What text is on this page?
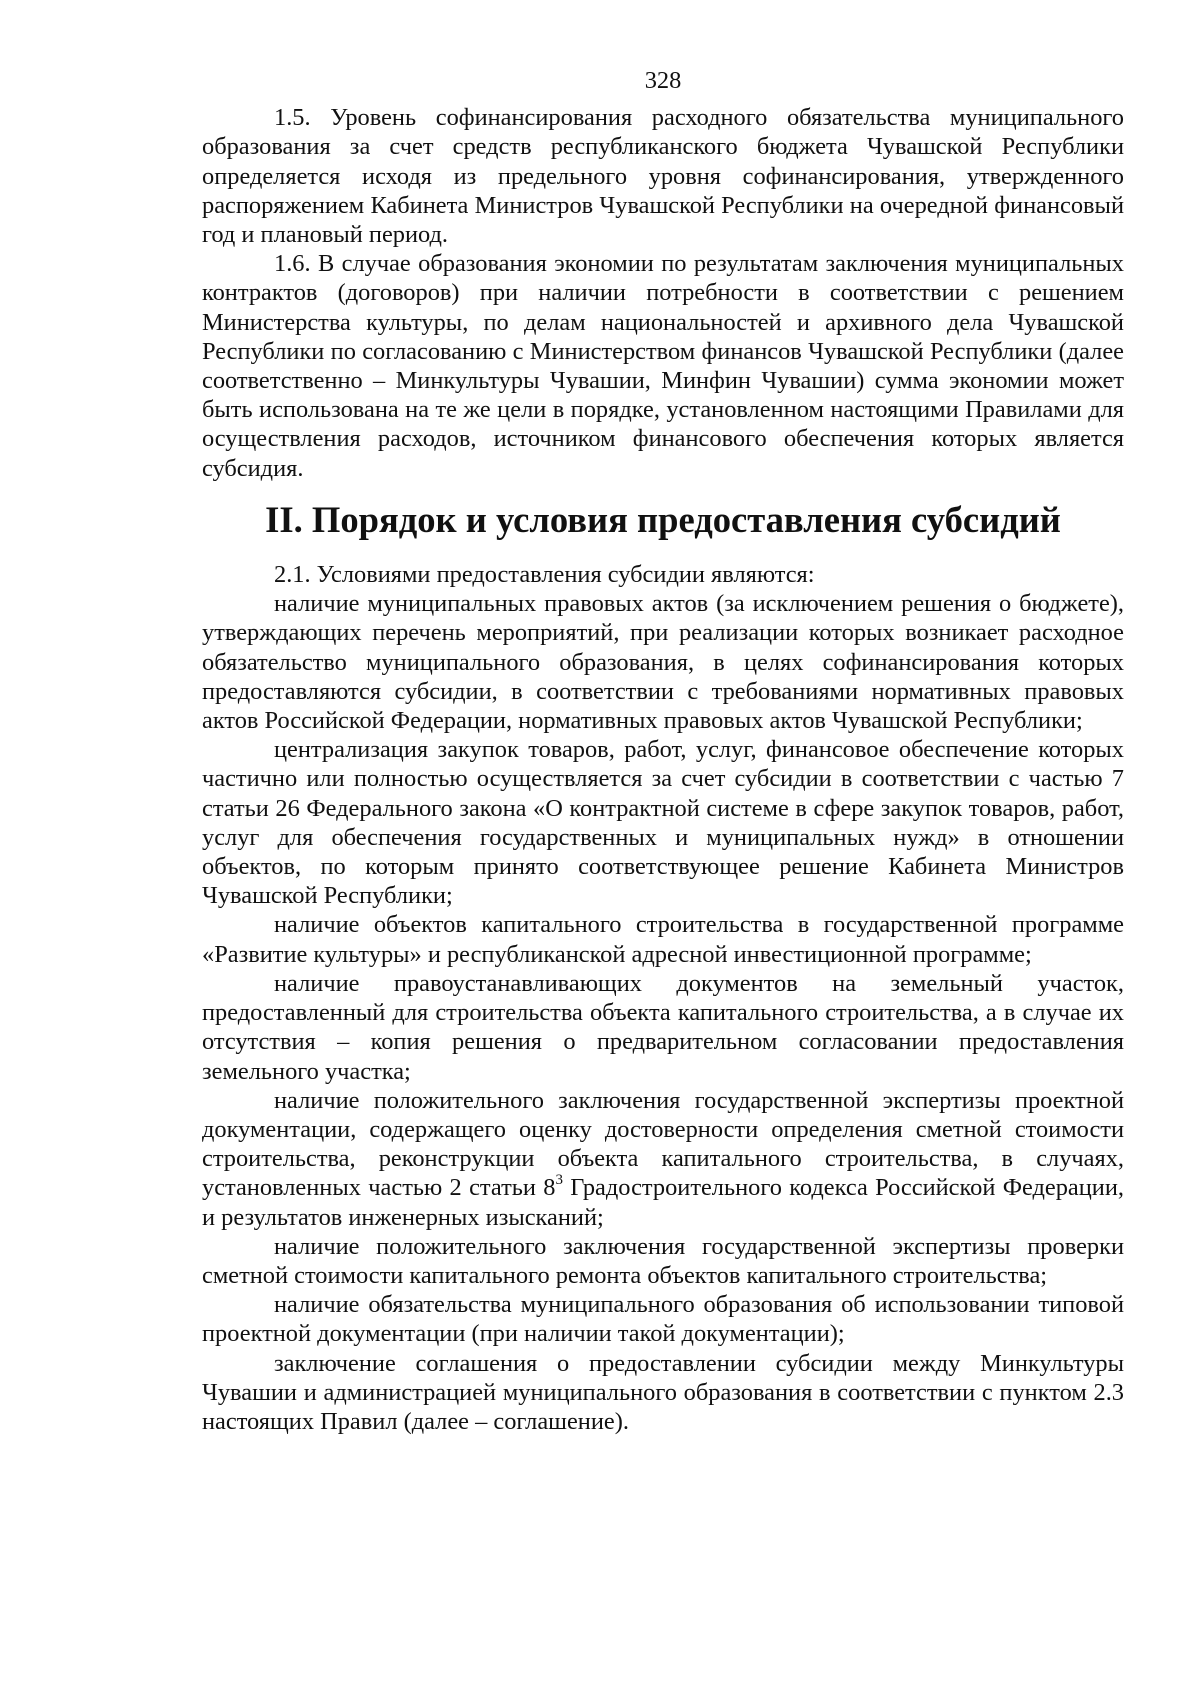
328

1.5. Уровень софинансирования расходного обязательства муниципального образования за счет средств республиканского бюджета Чувашской Республики определяется исходя из предельного уровня софинансирования, утвержденного распоряжением Кабинета Министров Чувашской Республики на очередной финансовый год и плановый период.

1.6. В случае образования экономии по результатам заключения муниципальных контрактов (договоров) при наличии потребности в соответствии с решением Министерства культуры, по делам национальностей и архивного дела Чувашской Республики по согласованию с Министерством финансов Чувашской Республики (далее соответственно – Минкультуры Чувашии, Минфин Чувашии) сумма экономии может быть использована на те же цели в порядке, установленном настоящими Правилами для осуществления расходов, источником финансового обеспечения которых является субсидия.

II. Порядок и условия предоставления субсидий

2.1. Условиями предоставления субсидии являются:

наличие муниципальных правовых актов (за исключением решения о бюджете), утверждающих перечень мероприятий, при реализации которых возникает расходное обязательство муниципального образования, в целях софинансирования которых предоставляются субсидии, в соответствии с требованиями нормативных правовых актов Российской Федерации, нормативных правовых актов Чувашской Республики;

централизация закупок товаров, работ, услуг, финансовое обеспечение которых частично или полностью осуществляется за счет субсидии в соответствии с частью 7 статьи 26 Федерального закона «О контрактной системе в сфере закупок товаров, работ, услуг для обеспечения государственных и муниципальных нужд» в отношении объектов, по которым принято соответствующее решение Кабинета Министров Чувашской Республики;

наличие объектов капитального строительства в государственной программе «Развитие культуры» и республиканской адресной инвестиционной программе;

наличие правоустанавливающих документов на земельный участок, предоставленный для строительства объекта капитального строительства, а в случае их отсутствия – копия решения о предварительном согласовании предоставления земельного участка;

наличие положительного заключения государственной экспертизы проектной документации, содержащего оценку достоверности определения сметной стоимости строительства, реконструкции объекта капитального строительства, в случаях, установленных частью 2 статьи $8^3$ Градостроительного кодекса Российской Федерации, и результатов инженерных изысканий;

наличие положительного заключения государственной экспертизы проверки сметной стоимости капитального ремонта объектов капитального строительства;

наличие обязательства муниципального образования об использовании типовой проектной документации (при наличии такой документации);

заключение соглашения о предоставлении субсидии между Минкультуры Чувашии и администрацией муниципального образования в соответствии с пунктом 2.3 настоящих Правил (далее – соглашение).
